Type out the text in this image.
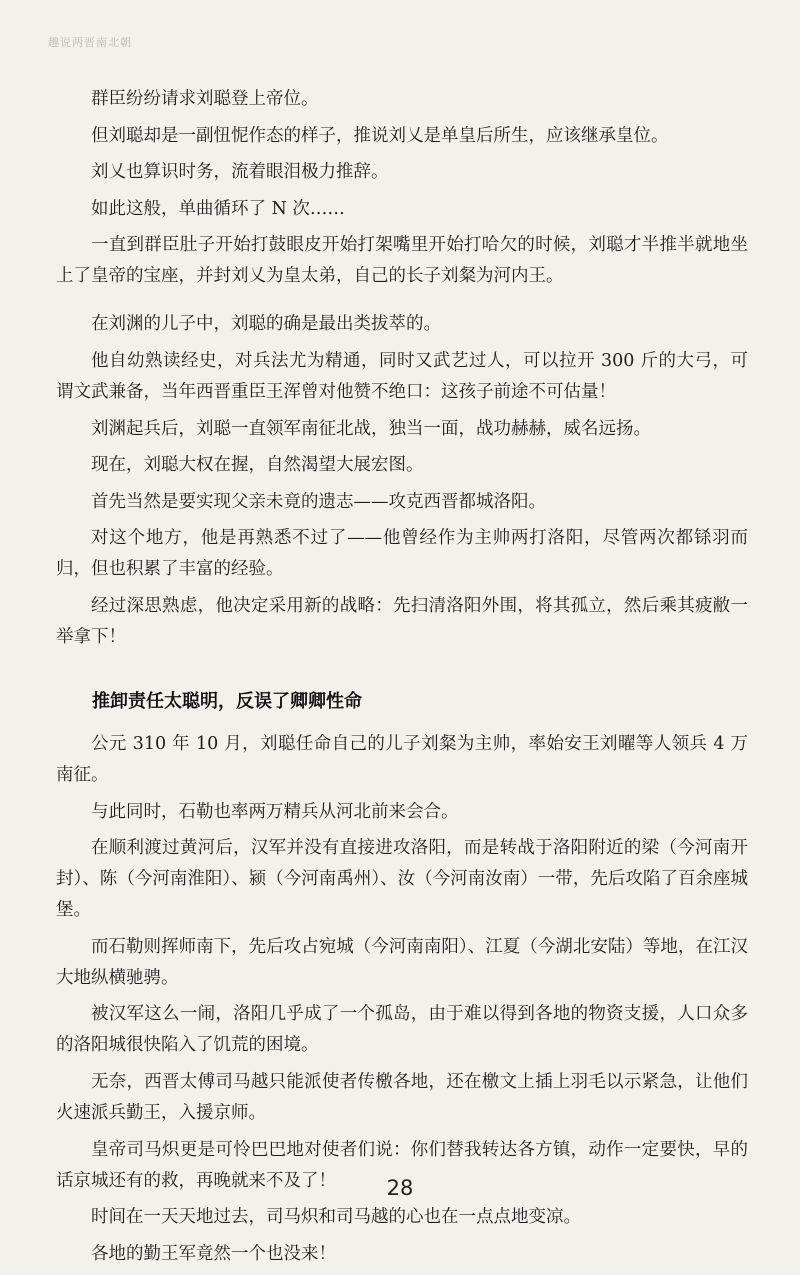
趣说两晋南北朝

群臣纷纷请求刘聪登上帝位。

但刘聪却是一副忸怩作态的样子，推说刘乂是单皇后所生，应该继承皇位。

刘乂也算识时务，流着眼泪极力推辞。

如此这般，单曲循环了 N 次……

一直到群臣肚子开始打鼓眼皮开始打架嘴里开始打哈欠的时候，刘聪才半推半就地坐上了皇帝的宝座，并封刘乂为皇太弟，自己的长子刘粲为河内王。

在刘渊的儿子中，刘聪的确是最出类拔萃的。

他自幼熟读经史，对兵法尤为精通，同时又武艺过人，可以拉开 300 斤的大弓，可谓文武兼备，当年西晋重臣王浑曾对他赞不绝口：这孩子前途不可估量！

刘渊起兵后，刘聪一直领军南征北战，独当一面，战功赫赫，威名远扬。

现在，刘聪大权在握，自然渴望大展宏图。

首先当然是要实现父亲未竟的遗志——攻克西晋都城洛阳。

对这个地方，他是再熟悉不过了——他曾经作为主帅两打洛阳，尽管两次都铩羽而归，但也积累了丰富的经验。

经过深思熟虑，他决定采用新的战略：先扫清洛阳外围，将其孤立，然后乘其疲敝一举拿下！

推卸责任太聪明，反误了卿卿性命

公元 310 年 10 月，刘聪任命自己的儿子刘粲为主帅，率始安王刘曜等人领兵 4 万南征。

与此同时，石勒也率两万精兵从河北前来会合。

在顺利渡过黄河后，汉军并没有直接进攻洛阳，而是转战于洛阳附近的梁（今河南开封）、陈（今河南淮阳）、颍（今河南禹州）、汝（今河南汝南）一带，先后攻陷了百余座城堡。

而石勒则挥师南下，先后攻占宛城（今河南南阳）、江夏（今湖北安陆）等地，在江汉大地纵横驰骋。

被汉军这么一闹，洛阳几乎成了一个孤岛，由于难以得到各地的物资支援，人口众多的洛阳城很快陷入了饥荒的困境。

无奈，西晋太傅司马越只能派使者传檄各地，还在檄文上插上羽毛以示紧急，让他们火速派兵勤王，入援京师。

皇帝司马炽更是可怜巴巴地对使者们说：你们替我转达各方镇，动作一定要快，早的话京城还有的救，再晚就来不及了！

时间在一天天地过去，司马炽和司马越的心也在一点点地变凉。

各地的勤王军竟然一个也没来！

28
